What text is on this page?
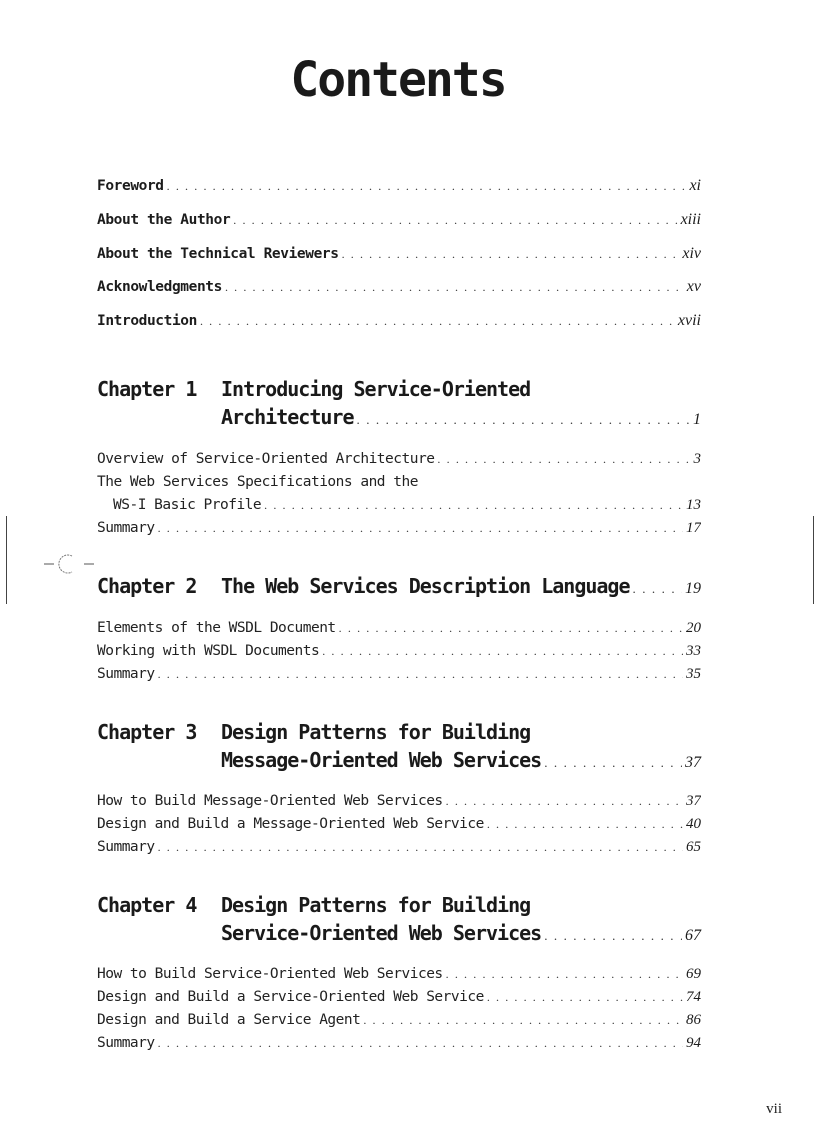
Contents
Foreword . . .	xi
About the Author . . .	xiii
About the Technical Reviewers . . .	xiv
Acknowledgments . . .	xv
Introduction . . .	xvii
Chapter 1 Introducing Service-Oriented
Architecture . . .	1
Overview of Service-Oriented Architecture . . .	3
The Web Services Specifications and the
WS-I Basic Profile . . .	13
Summary . . .	17
Chapter 2 The Web Services Description Language . . .	19
Elements of the WSDL Document . . .	20
Working with WSDL Documents . . .	33
Summary . . .	35
Chapter 3 Design Patterns for Building
Message-Oriented Web Services . . .	37
How to Build Message-Oriented Web Services . . .	37
Design and Build a Message-Oriented Web Service . . .	40
Summary . . .	65
Chapter 4 Design Patterns for Building
Service-Oriented Web Services . . .	67
How to Build Service-Oriented Web Services . . .	69
Design and Build a Service-Oriented Web Service . . .	74
Design and Build a Service Agent . . .	86
Summary . . .	94
vii
